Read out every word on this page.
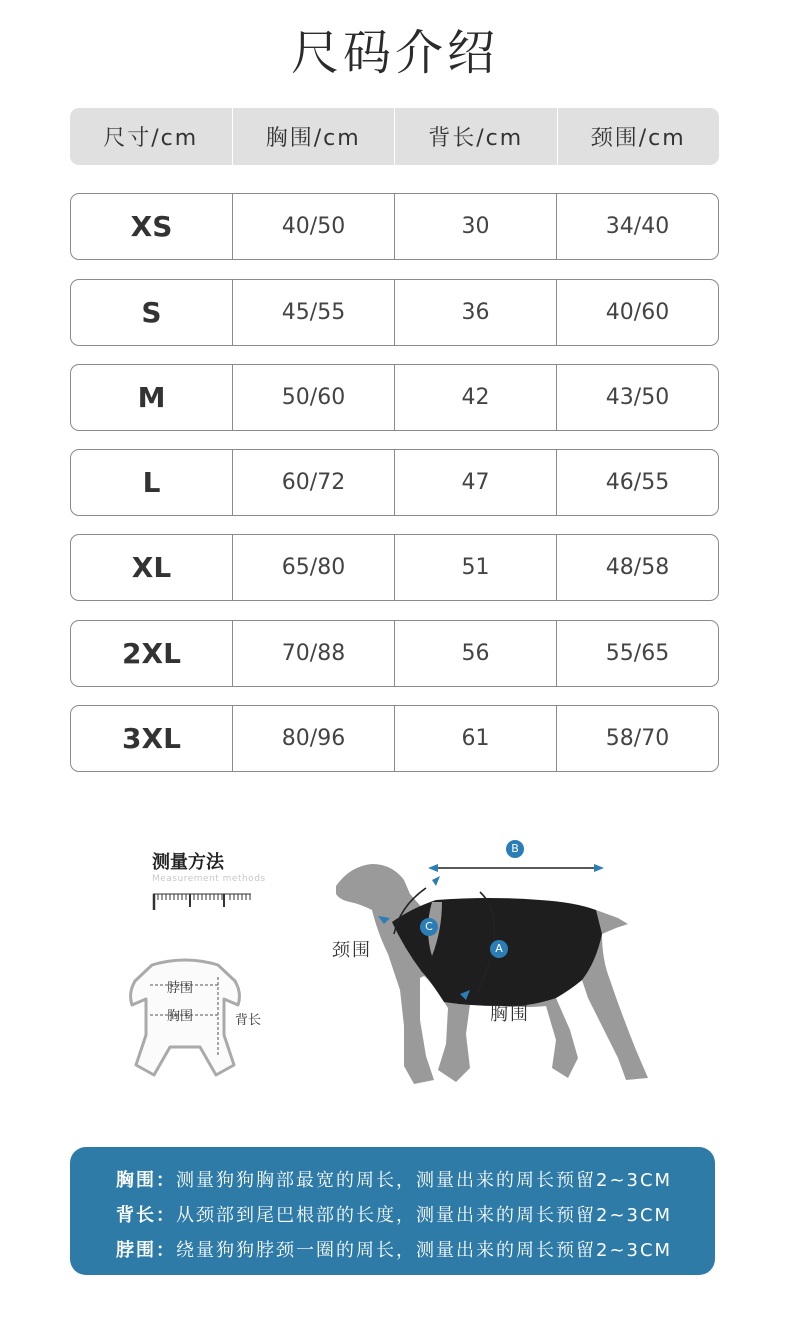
尺码介绍
尺寸/cm	胸围/cm	背长/cm	颈围/cm
XS	40/50	30	34/40
S	45/55	36	40/60
M	50/60	42	43/50
L	60/72	47	46/55
XL	65/80	51	48/58
2XL	70/88	56	55/65
3XL	80/96	61	58/70
测量方法
Measurement methods
脖围
胸围	背长
B
C
A
颈围
胸围
胸围：测量狗狗胸部最宽的周长，测量出来的周长预留2~3CM
背长：从颈部到尾巴根部的长度，测量出来的周长预留2~3CM
脖围：绕量狗狗脖颈一圈的周长，测量出来的周长预留2~3CM
